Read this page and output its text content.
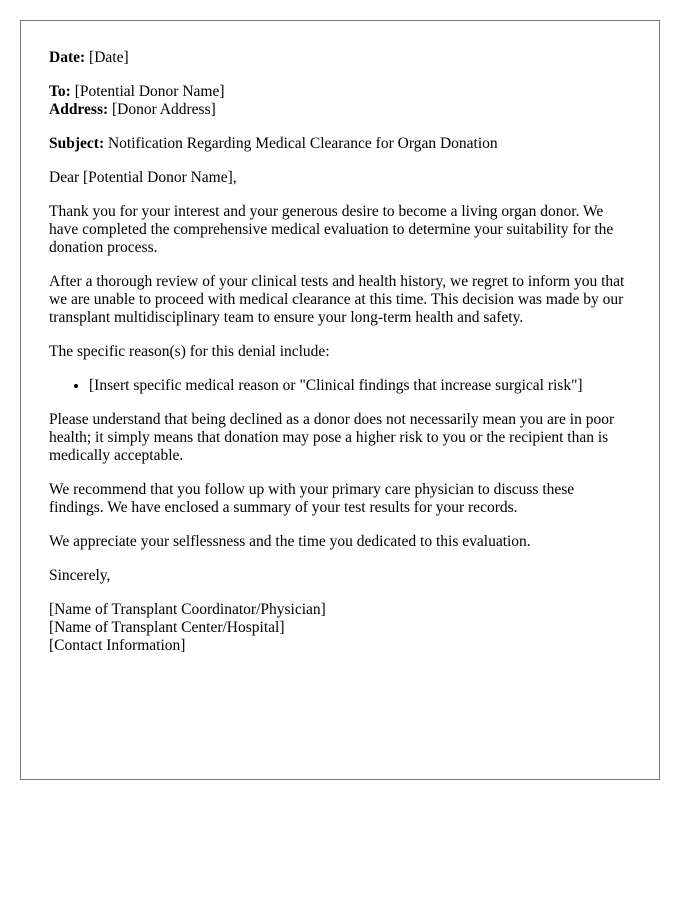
Date: [Date]

To: [Potential Donor Name]
Address: [Donor Address]

Subject: Notification Regarding Medical Clearance for Organ Donation

Dear [Potential Donor Name],

Thank you for your interest and your generous desire to become a living organ donor. We have completed the comprehensive medical evaluation to determine your suitability for the donation process.

After a thorough review of your clinical tests and health history, we regret to inform you that we are unable to proceed with medical clearance at this time. This decision was made by our transplant multidisciplinary team to ensure your long-term health and safety.

The specific reason(s) for this denial include:

• [Insert specific medical reason or "Clinical findings that increase surgical risk"]

Please understand that being declined as a donor does not necessarily mean you are in poor health; it simply means that donation may pose a higher risk to you or the recipient than is medically acceptable.

We recommend that you follow up with your primary care physician to discuss these findings. We have enclosed a summary of your test results for your records.

We appreciate your selflessness and the time you dedicated to this evaluation.

Sincerely,

[Name of Transplant Coordinator/Physician]
[Name of Transplant Center/Hospital]
[Contact Information]
